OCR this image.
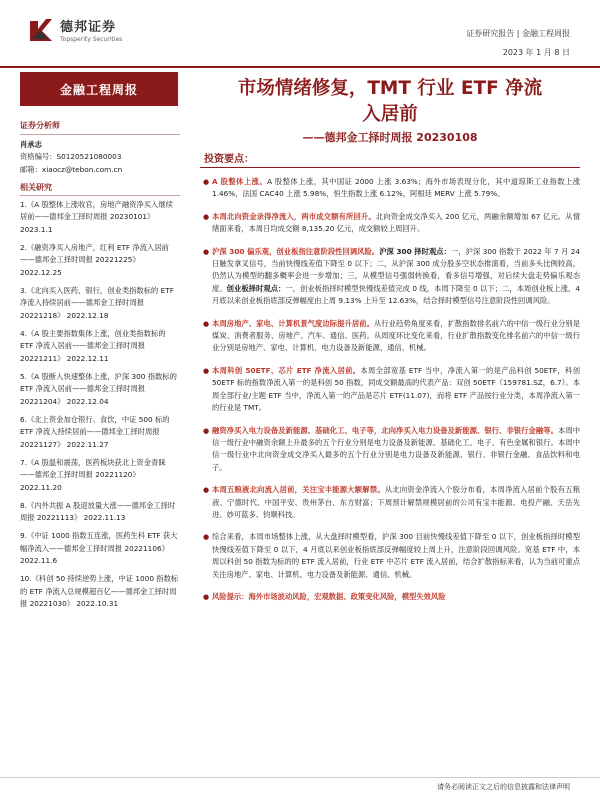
德邦证券
Topsperity Securities
证券研究报告 | 金融工程周报
2023 年 1 月 8 日
金融工程周报
证券分析师
肖承志
资格编号：S0120521080003
邮箱：xiaocz@tebon.com.cn
相关研究
1.《A 股整体上涨收官，房地产融资净买入继续居前——德邦金工择时周报 20230101》 2023.1.1
2.《融资净买入房地产，红利 ETF 净流入居前——德邦金工择时周报 20221225》 2022.12.25
3.《北向买入医药、银行，创业类指数标的 ETF 净流入持续居前——德邦金工择时周报 20221218》 2022.12.18
4.《A 股主要指数集体上涨，创业类指数标的 ETF 净流入居前——德邦金工择时周报 20221211》 2022.12.11
5.《A 股断入快速整体上涨，沪深 300 指数标的 ETF 净流入居前——德邦金工择时周报 20221204》 2022.12.04
6.《北上资金加仓银行、食饮，中证 500 标的 ETF 净流入持续居前——德邦金工择时周报 20221127》 2022.11.27
7.《A 股温和震荡，医药板块获北上资金青睐——德邦金工择时周报 20221120》 2022.11.20
8.《内外共振 A 股迎放量大涨——德邦金工择时周报 20221113》 2022.11.13
9.《中证 1000 指数五连涨，医药生科 ETF 获大幅净流入——德邦金工择时周报 20221106》 2022.11.6
10.《科创 50 持续逆势上涨，中证 1000 指数标的 ETF 净流入总规模超百亿——德邦金工择时周报 20221030》 2022.10.31
市场情绪修复，TMT 行业 ETF 净流
入居前
——德邦金工择时周报 20230108
投资要点：
● A 股整体上涨。A 股整体上涨，其中国证 2000 上涨 3.63%；海外市场表现分化，其中道琼斯工业指数上涨 1.46%，法国 CAC40 上涨 5.98%，恒生指数上涨 6.12%，阿根廷 MERV 上涨 5.79%。
● 本周北向资金录得净流入，两市成交额有所回升。北向资金成交净买入 200 亿元，两融余额增加 67 亿元。从情绪面来看，本周日均成交额 8,135.20 亿元，成交额较上周回升。
● 沪深 300 偏乐观，创业板指注意阶段性回调风险。沪深 300 择时观点：一，沪深 300 指数于 2022 年 7 月 24 日触发拿叉信号，当前快慢线差值下降至 0 以下；二，从沪深 300 成分股多空状态推演看，当前多头比例较高，仍然认为模型的翻多概率会进一步增加；三，从模型信号强弱转换看，看多信号增强，对后续大盘走势偏乐观态度。创业板择时观点：一，创业板指择时模型快慢线差值完成 0 线，本周下降至 0 以下；二，本周创业板上涨，4 月底以来创业板指底部反弹幅度由上周 9.13% 上升至 12.63%，结合择时模型信号注意阶段性回调风险。
● 本周房地产、家电、计算机景气度边际提升居前。从行业趋势角度来看，扩散指数排名前六的中信一级行业分别是煤炭、消费者服务、房地产、汽车、通信、医药。从周度环比变化来看，行业扩散指数变化排名前六的中信一级行业分别是房地产、家电、计算机、电力设备及新能源、通信、机械。
● 本周科创 50ETF、芯片 ETF 净流入居前。本周全部宽基 ETF 当中，净流入第一的是产品科创 50ETF，科创 50ETF 标的指数净流入第一的是科创 50 指数，同成交额最高的代表产品：双创 50ETF（159781.SZ，6.7）。本周全部行业/主题 ETF 当中，净流入第一的产品是芯片 ETF(11.07)，而将 ETF 产品按行业分类，本周净流入第一的行业是 TMT。
● 融资净买入电力设备及新能源、基础化工、电子等，北向净买入电力设备及新能源、银行、非银行金融等。本周中信一级行业中融资余额上升最多的五个行业分别是电力设备及新能源、基础化工、电子、有色金属和银行。本周中信一级行业中北向资金成交净买入最多的五个行业分别是电力设备及新能源、银行、非银行金融、食品饮料和电子。
● 本周五粮液北向流入居前，关注宝丰能源大额解禁。从北向资金净流入个股分布看，本周净流入居前个股有五粮液、宁德时代、中国平安、贵州茅台、东方财富；下周预计解禁规模居前的公司有宝丰能源、电投产融、天岳先进、妙可蓝多、钧顺科技。
● 综合来看，本周市场整体上涨，从大盘择时模型看，沪深 300 目前快慢线差值下降至 0 以下，创业板指择时模型快慢线差值下降至 0 以下，4 月底以来创业板指底部反弹幅度较上周上升，注意阶段回调风险。宽基 ETF 中，本周以科创 50 指数为标的的 ETF 流入居前，行业 ETF 中芯片 ETF 流入居前，结合扩散指标来看，认为当前可重点关注房地产、家电、计算机、电力设备及新能源、通信、机械。
● 风险提示：海外市场波动风险，宏观数据、政策变化风险，模型失效风险
请务必阅读正文之后的信息披露和法律声明
